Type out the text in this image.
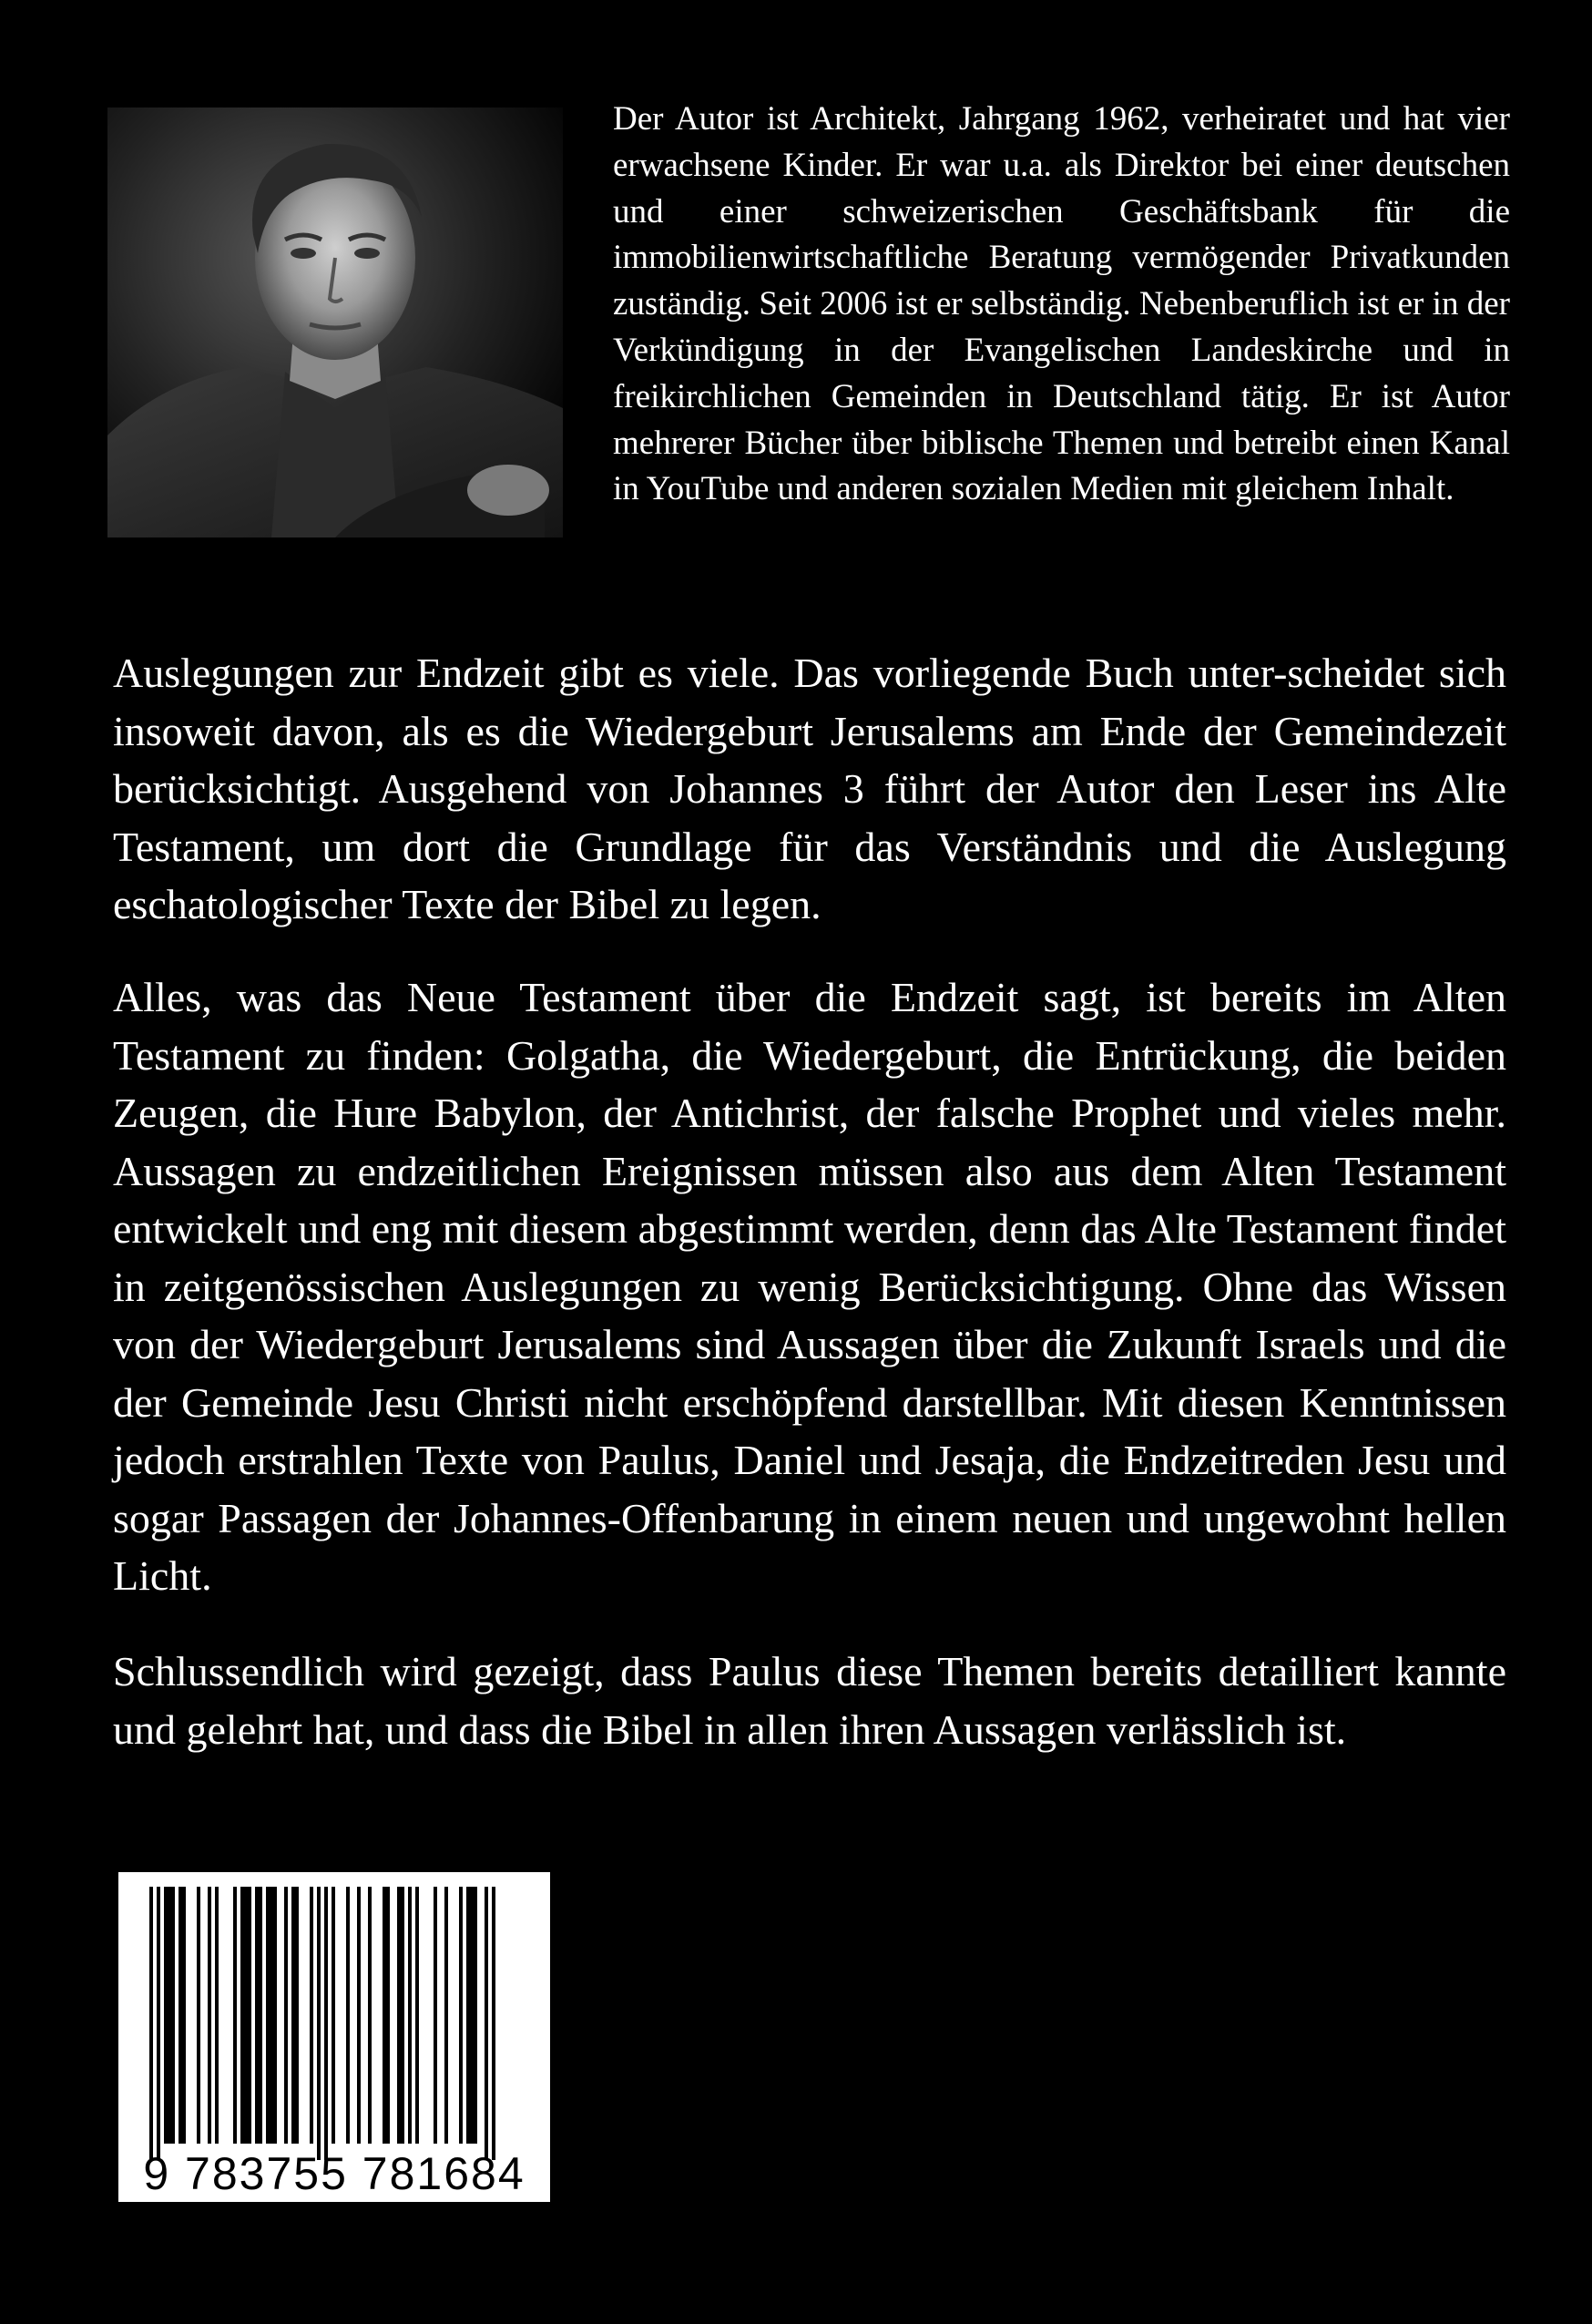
Der Autor ist Architekt, Jahrgang 1962, verheiratet und hat vier erwachsene Kinder. Er war u.a. als Direktor bei einer deutschen und einer schweizerischen Geschäftsbank für die immobilienwirtschaftliche Beratung vermögender Privatkunden zuständig. Seit 2006 ist er selbständig. Nebenberuflich ist er in der Verkündigung in der Evangelischen Landeskirche und in freikirchlichen Gemeinden in Deutschland tätig. Er ist Autor mehrerer Bücher über biblische Themen und betreibt einen Kanal in YouTube und anderen sozialen Medien mit gleichem Inhalt.

Auslegungen zur Endzeit gibt es viele. Das vorliegende Buch unter-scheidet sich insoweit davon, als es die Wiedergeburt Jerusalems am Ende der Gemeindezeit berücksichtigt. Ausgehend von Johannes 3 führt der Autor den Leser ins Alte Testament, um dort die Grundlage für das Verständnis und die Auslegung eschatologischer Texte der Bibel zu legen.

Alles, was das Neue Testament über die Endzeit sagt, ist bereits im Alten Testament zu finden: Golgatha, die Wiedergeburt, die Entrückung, die beiden Zeugen, die Hure Babylon, der Antichrist, der falsche Prophet und vieles mehr. Aussagen zu endzeitlichen Ereignissen müssen also aus dem Alten Testament entwickelt und eng mit diesem abgestimmt werden, denn das Alte Testament findet in zeitgenössischen Auslegungen zu wenig Berücksichtigung. Ohne das Wissen von der Wiedergeburt Jerusalems sind Aussagen über die Zukunft Israels und die der Gemeinde Jesu Christi nicht erschöpfend darstellbar. Mit diesen Kenntnissen jedoch erstrahlen Texte von Paulus, Daniel und Jesaja, die Endzeitreden Jesu und sogar Passagen der Johannes-Offenbarung in einem neuen und ungewohnt hellen Licht.

Schlussendlich wird gezeigt, dass Paulus diese Themen bereits detailliert kannte und gelehrt hat, und dass die Bibel in allen ihren Aussagen verlässlich ist.

9 783755 781684
